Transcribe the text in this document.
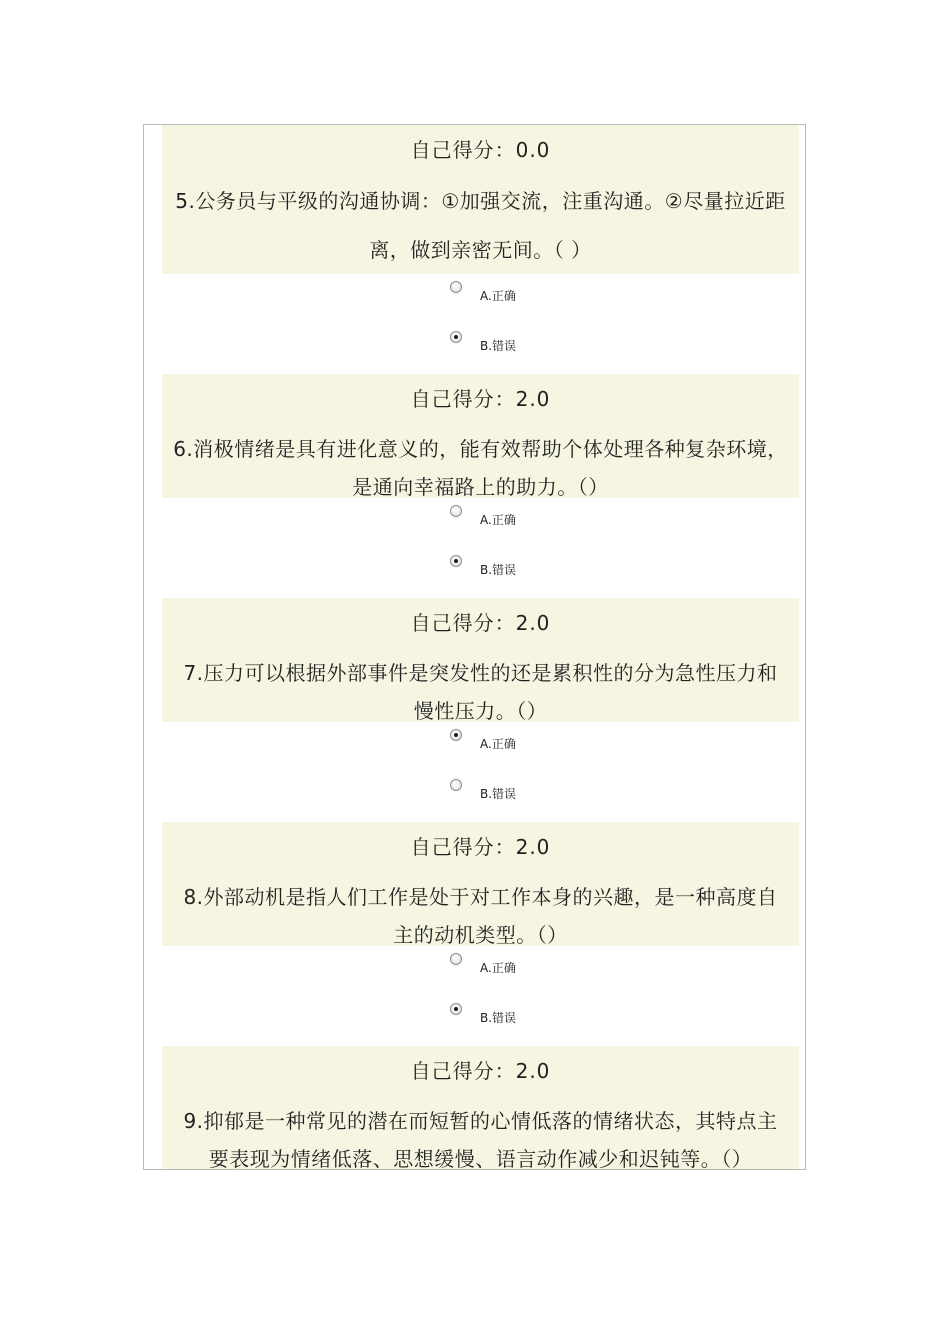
自己得分：0.0
5.公务员与平级的沟通协调：①加强交流，注重沟通。②尽量拉近距
离，做到亲密无间。（ ）
A.正确
B.错误
自己得分：2.0
6.消极情绪是具有进化意义的，能有效帮助个体处理各种复杂环境，
是通向幸福路上的助力。（）
A.正确
B.错误
自己得分：2.0
7.压力可以根据外部事件是突发性的还是累积性的分为急性压力和
慢性压力。（）
A.正确
B.错误
自己得分：2.0
8.外部动机是指人们工作是处于对工作本身的兴趣，是一种高度自
主的动机类型。（）
A.正确
B.错误
自己得分：2.0
9.抑郁是一种常见的潜在而短暂的心情低落的情绪状态，其特点主
要表现为情绪低落、思想缓慢、语言动作减少和迟钝等。（）
